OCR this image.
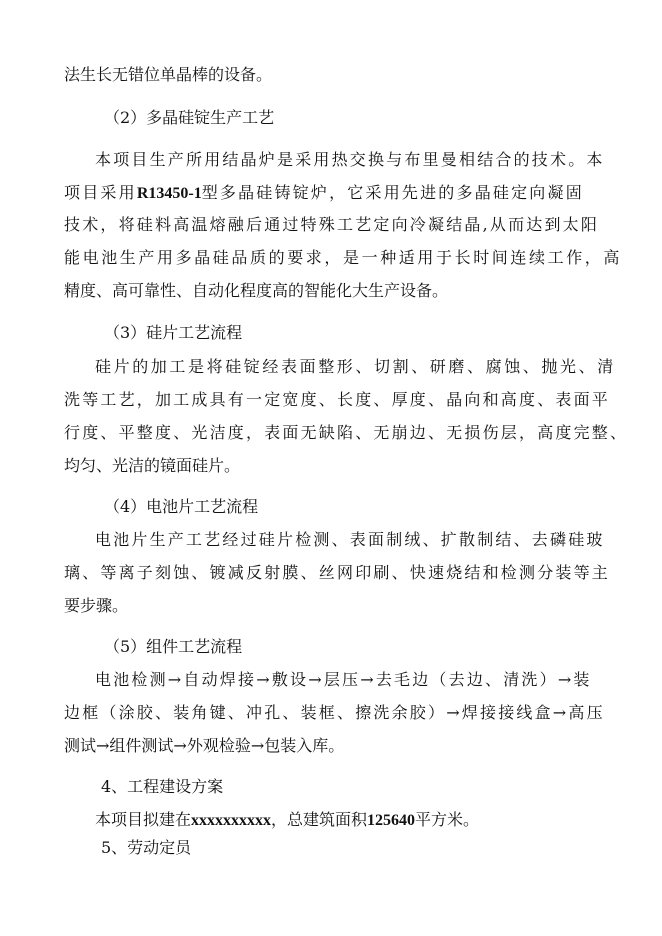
法生长无错位单晶棒的设备。
（2）多晶硅锭生产工艺
本项目生产所用结晶炉是采用热交换与布里曼相结合的技术。本
项目采用R13450-1型多晶硅铸锭炉，它采用先进的多晶硅定向凝固
技术，将硅料高温熔融后通过特殊工艺定向冷凝结晶,从而达到太阳
能电池生产用多晶硅品质的要求，是一种适用于长时间连续工作，高
精度、高可靠性、自动化程度高的智能化大生产设备。
（3）硅片工艺流程
硅片的加工是将硅锭经表面整形、切割、研磨、腐蚀、抛光、清
洗等工艺，加工成具有一定宽度、长度、厚度、晶向和高度、表面平
行度、平整度、光洁度，表面无缺陷、无崩边、无损伤层，高度完整、
均匀、光洁的镜面硅片。
（4）电池片工艺流程
电池片生产工艺经过硅片检测、表面制绒、扩散制结、去磷硅玻
璃、等离子刻蚀、镀减反射膜、丝网印刷、快速烧结和检测分装等主
要步骤。
（5）组件工艺流程
电池检测→自动焊接→敷设→层压→去毛边（去边、清洗）→装
边框（涂胶、装角键、冲孔、装框、擦洗余胶）→焊接接线盒→高压
测试→组件测试→外观检验→包装入库。
4、工程建设方案
本项目拟建在xxxxxxxxxx，总建筑面积125640平方米。
5、劳动定员
